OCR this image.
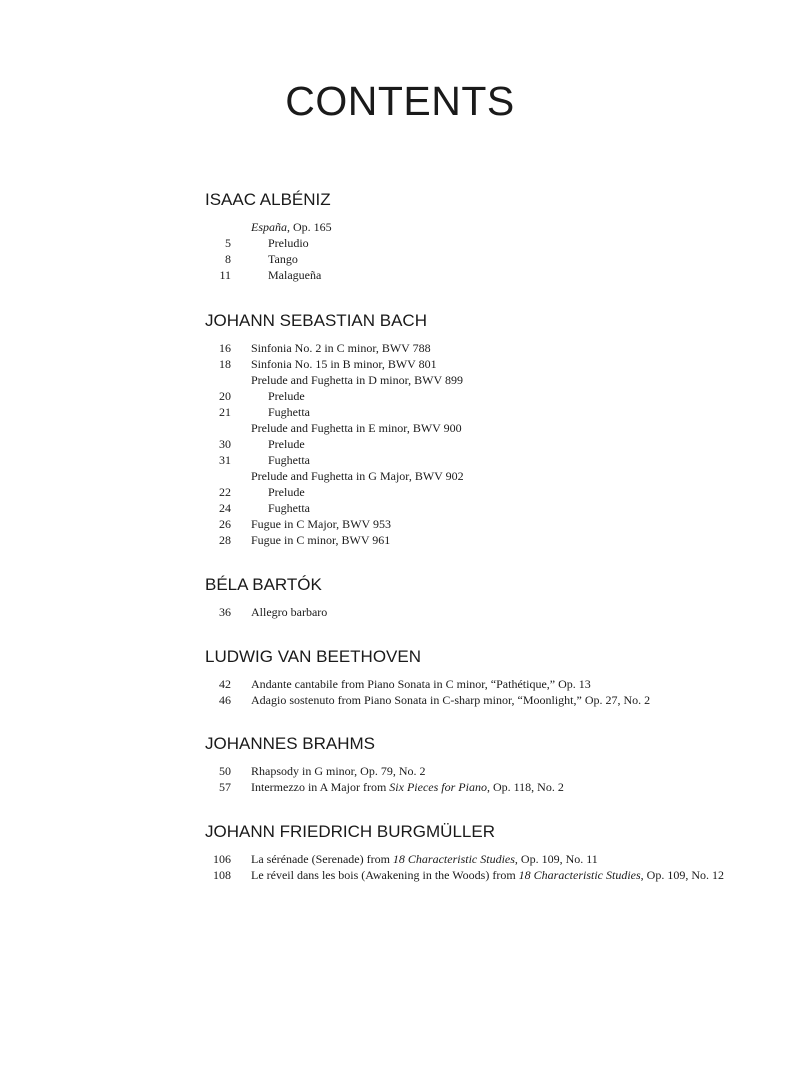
CONTENTS
ISAAC ALBÉNIZ
España, Op. 165
5	Preludio
8	Tango
11	Malagueña
JOHANN SEBASTIAN BACH
16 Sinfonia No. 2 in C minor, BWV 788
18 Sinfonia No. 15 in B minor, BWV 801
Prelude and Fughetta in D minor, BWV 899
20	Prelude
21	Fughetta
Prelude and Fughetta in E minor, BWV 900
30	Prelude
31	Fughetta
Prelude and Fughetta in G Major, BWV 902
22	Prelude
24	Fughetta
26 Fugue in C Major, BWV 953
28 Fugue in C minor, BWV 961
BÉLA BARTÓK
36 Allegro barbaro
LUDWIG VAN BEETHOVEN
42 Andante cantabile from Piano Sonata in C minor, “Pathétique,” Op. 13
46 Adagio sostenuto from Piano Sonata in C-sharp minor, “Moonlight,” Op. 27, No. 2
JOHANNES BRAHMS
50 Rhapsody in G minor, Op. 79, No. 2
57 Intermezzo in A Major from Six Pieces for Piano, Op. 118, No. 2
JOHANN FRIEDRICH BURGMÜLLER
106 La sérénade (Serenade) from 18 Characteristic Studies, Op. 109, No. 11
108 Le réveil dans les bois (Awakening in the Woods) from 18 Characteristic Studies, Op. 109, No. 12
